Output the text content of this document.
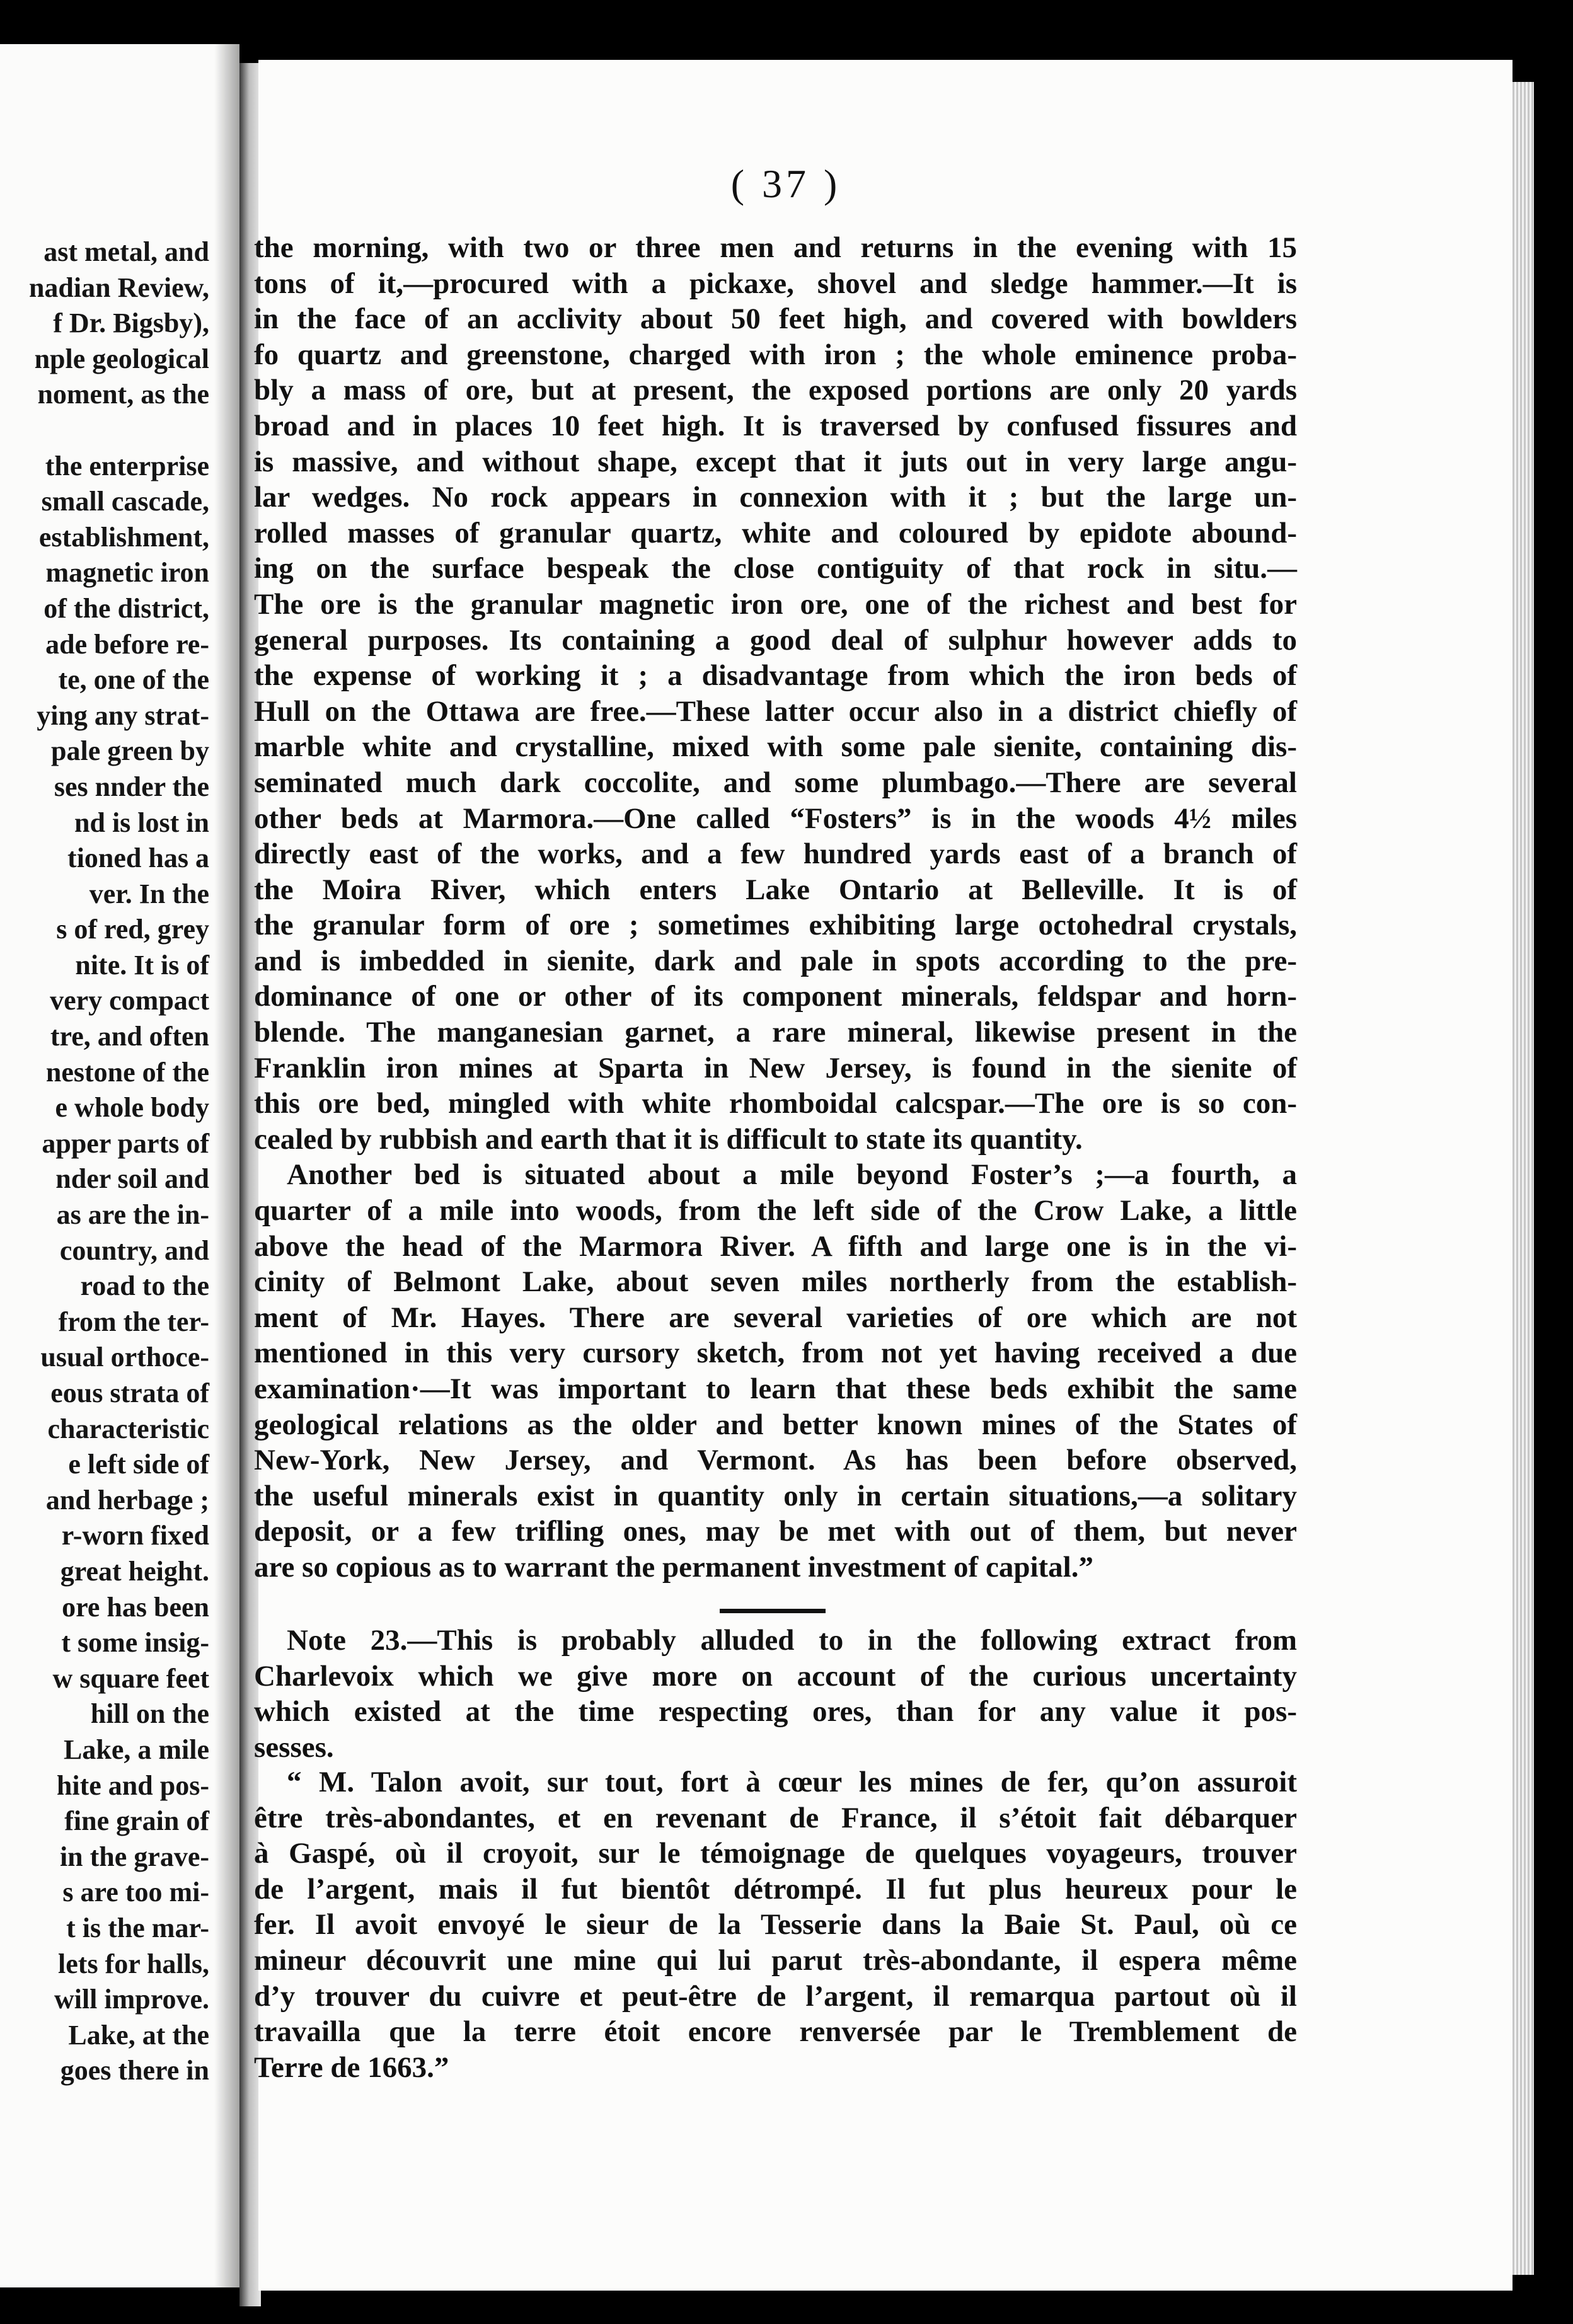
ast metal, and
nadian Review,
f Dr. Bigsby),
nple geological
noment, as the
the enterprise
small cascade,
establishment,
magnetic iron
of the district,
ade before re-
te, one of the
ying any strat-
pale green by
ses nnder the
nd is lost in
tioned has a
ver. In the
s of red, grey
nite. It is of
very compact
tre, and often
nestone of the
e whole body
apper parts of
nder soil and
as are the in-
country, and
road to the
from the ter-
usual orthoce-
eous strata of
characteristic
e left side of
and herbage ;
r-worn fixed
great height.
ore has been
t some insig-
w square feet
hill on the
Lake, a mile
hite and pos-
fine grain of
in the grave-
s are too mi-
t is the mar-
lets for halls,
will improve.
Lake, at the
goes there in
( 37 )
the morning, with two or three men and returns in the evening with 15
tons of it,—procured with a pickaxe, shovel and sledge hammer.—It is
in the face of an acclivity about 50 feet high, and covered with bowlders
fo quartz and greenstone, charged with iron ; the whole eminence proba-
bly a mass of ore, but at present, the exposed portions are only 20 yards
broad and in places 10 feet high. It is traversed by confused fissures and
is massive, and without shape, except that it juts out in very large angu-
lar wedges. No rock appears in connexion with it ; but the large un-
rolled masses of granular quartz, white and coloured by epidote abound-
ing on the surface bespeak the close contiguity of that rock in situ.—
The ore is the granular magnetic iron ore, one of the richest and best for
general purposes. Its containing a good deal of sulphur however adds to
the expense of working it ; a disadvantage from which the iron beds of
Hull on the Ottawa are free.—These latter occur also in a district chiefly of
marble white and crystalline, mixed with some pale sienite, containing dis-
seminated much dark coccolite, and some plumbago.—There are several
other beds at Marmora.—One called “Fosters” is in the woods 4½ miles
directly east of the works, and a few hundred yards east of a branch of
the Moira River, which enters Lake Ontario at Belleville. It is of
the granular form of ore ; sometimes exhibiting large octohedral crystals,
and is imbedded in sienite, dark and pale in spots according to the pre-
dominance of one or other of its component minerals, feldspar and horn-
blende. The manganesian garnet, a rare mineral, likewise present in the
Franklin iron mines at Sparta in New Jersey, is found in the sienite of
this ore bed, mingled with white rhomboidal calcspar.—The ore is so con-
cealed by rubbish and earth that it is difficult to state its quantity.
Another bed is situated about a mile beyond Foster’s ;—a fourth, a
quarter of a mile into woods, from the left side of the Crow Lake, a little
above the head of the Marmora River. A fifth and large one is in the vi-
cinity of Belmont Lake, about seven miles northerly from the establish-
ment of Mr. Hayes. There are several varieties of ore which are not
mentioned in this very cursory sketch, from not yet having received a due
examination·—It was important to learn that these beds exhibit the same
geological relations as the older and better known mines of the States of
New-York, New Jersey, and Vermont. As has been before observed,
the useful minerals exist in quantity only in certain situations,—a solitary
deposit, or a few trifling ones, may be met with out of them, but never
are so copious as to warrant the permanent investment of capital.”
Note 23.—This is probably alluded to in the following extract from
Charlevoix which we give more on account of the curious uncertainty
which existed at the time respecting ores, than for any value it pos-
sesses.
“ M. Talon avoit, sur tout, fort à cœur les mines de fer, qu’on assuroit
être très-abondantes, et en revenant de France, il s’étoit fait débarquer
à Gaspé, où il croyoit, sur le témoignage de quelques voyageurs, trouver
de l’argent, mais il fut bientôt détrompé. Il fut plus heureux pour le
fer. Il avoit envoyé le sieur de la Tesserie dans la Baie St. Paul, où ce
mineur découvrit une mine qui lui parut très-abondante, il espera même
d’y trouver du cuivre et peut-être de l’argent, il remarqua partout où il
travailla que la terre étoit encore renversée par le Tremblement de
Terre de 1663.”
